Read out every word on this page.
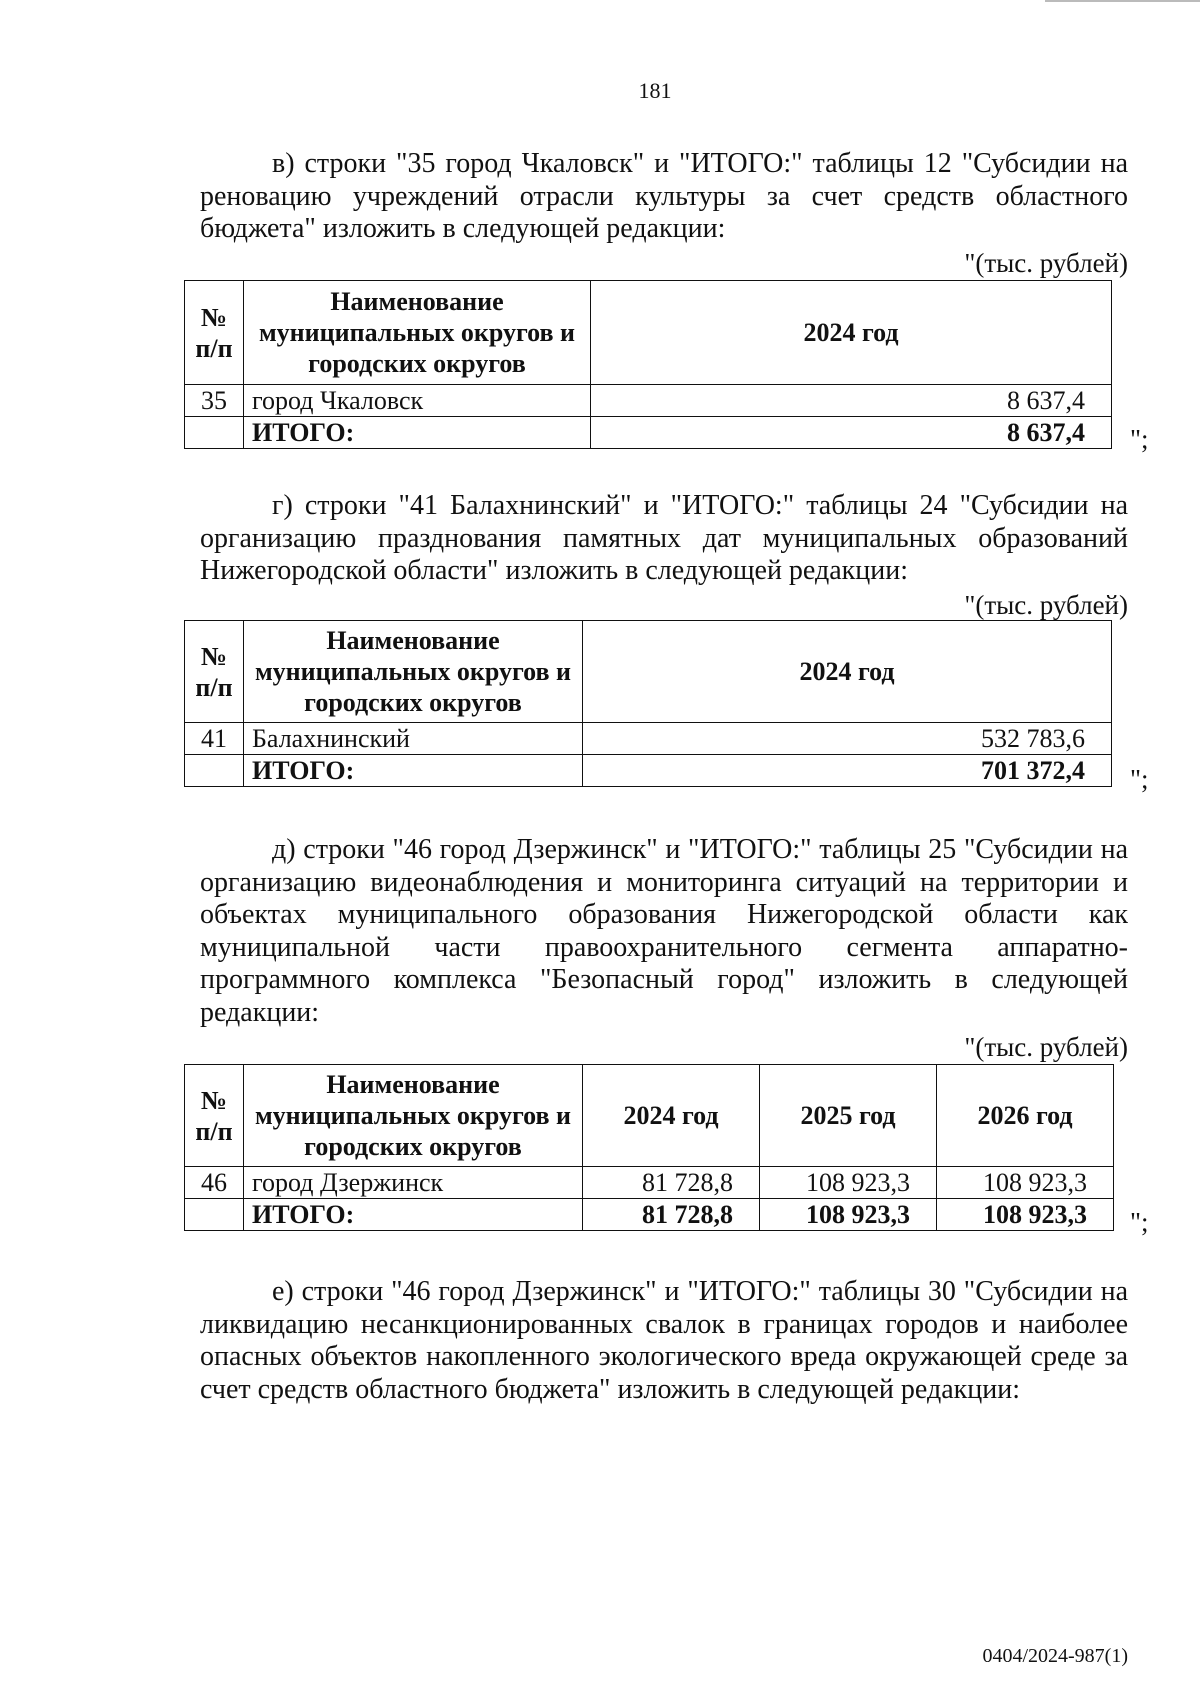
181
в) строки "35 город Чкаловск" и "ИТОГО:" таблицы 12 "Субсидии на реновацию учреждений отрасли культуры за счет средств областного бюджета" изложить в следующей редакции:
"(тыс. рублей)
№ п/п	Наименование муниципальных округов и городских округов	2024 год
35	город Чкаловск	8 637,4
	ИТОГО:	8 637,4 ";
г) строки "41 Балахнинский" и "ИТОГО:" таблицы 24 "Субсидии на организацию празднования памятных дат муниципальных образований Нижегородской области" изложить в следующей редакции:
"(тыс. рублей)
№ п/п	Наименование муниципальных округов и городских округов	2024 год
41	Балахнинский	532 783,6
	ИТОГО:	701 372,4 ";
д) строки "46 город Дзержинск" и "ИТОГО:" таблицы 25 "Субсидии на организацию видеонаблюдения и мониторинга ситуаций на территории и объектах муниципального образования Нижегородской области как муниципальной части правоохранительного сегмента аппаратно-программного комплекса "Безопасный город" изложить в следующей редакции:
"(тыс. рублей)
№ п/п	Наименование муниципальных округов и городских округов	2024 год	2025 год	2026 год
46	город Дзержинск	81 728,8	108 923,3	108 923,3
	ИТОГО:	81 728,8	108 923,3	108 923,3 ";
е) строки "46 город Дзержинск" и "ИТОГО:" таблицы 30 "Субсидии на ликвидацию несанкционированных свалок в границах городов и наиболее опасных объектов накопленного экологического вреда окружающей среде за счет средств областного бюджета" изложить в следующей редакции:
0404/2024-987(1)
